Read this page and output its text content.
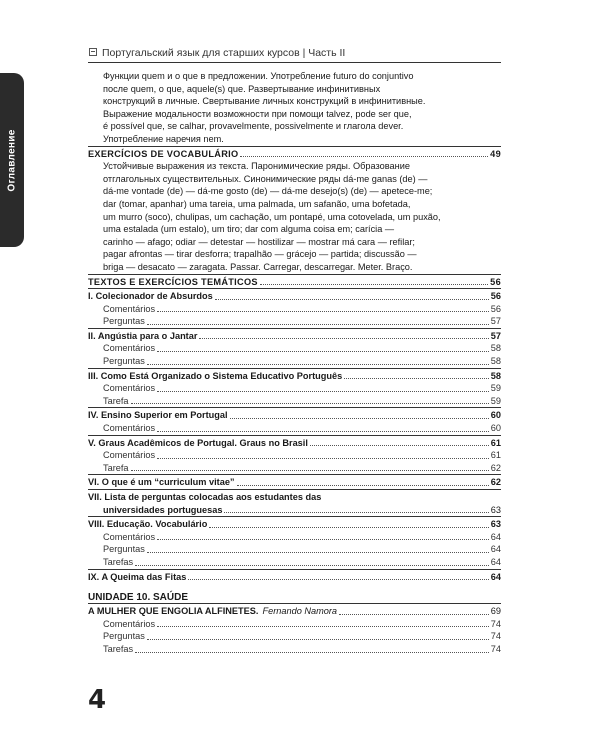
Португальский язык для старших курсов | Часть II
Оглавление

Функции quem и o que в предложении. Употребление futuro do conjuntivo

после quem, o que, aquele(s) que. Развертывание инфинитивных

конструкций в личные. Свертывание личных конструкций в инфинитивные.

Выражение модальности возможности при помощи talvez, pode ser que,

é possível que, se calhar, provavelmente, possivelmente и глагола dever.

Употребление наречия nem.

EXERCÍCIOS DE VOCABULÁRIO	49
Устойчивые выражения из текста. Паронимические ряды. Образование
отглагольных существительных. Синонимические ряды dá-me ganas (de) —
dá-me vontade (de) — dá-me gosto (de) — dá-me desejo(s) (de) — apetece-me;
dar (tomar, apanhar) uma tareia, uma palmada, um safanão, uma bofetada,
um murro (soco), chulipas, um cachação, um pontapé, uma cotovelada, um puxão,
uma estalada (um estalo), um tiro; dar com alguma coisa em; carícia —
carinho — afago; odiar — detestar — hostilizar — mostrar má cara — refilar;
pagar afrontas — tirar desforra; trapalhão — grácejo — partida; discussão —
briga — desacato — zaragata. Passar. Carregar, descarregar. Meter. Braço.
TEXTOS E EXERCÍCIOS TEMÁTICOS	56
I. Colecionador de Absurdos	56
Comentários	56
Perguntas	57
II. Angústia para o Jantar	57
Comentários	58
Perguntas	58
III. Como Está Organizado o Sistema Educativo Português	58
Comentários	59
Tarefa	59
IV. Ensino Superior em Portugal	60
Comentários	60
V. Graus Acadêmicos de Portugal. Graus no Brasil	61
Comentários	61
Tarefa	62
VI. O que é um “curriculum vitae”	62
VII. Lista de perguntas colocadas aos estudantes das
universidades portuguesas	63
VIII. Educação. Vocabulário	63
Comentários	64
Perguntas	64
Tarefas	64
IX. A Queima das Fitas	64
UNIDADE 10. SAÚDE
A MULHER QUE ENGOLIA ALFINETES. Fernando Namora	69
Comentários	74
Perguntas	74
Tarefas	74
4
